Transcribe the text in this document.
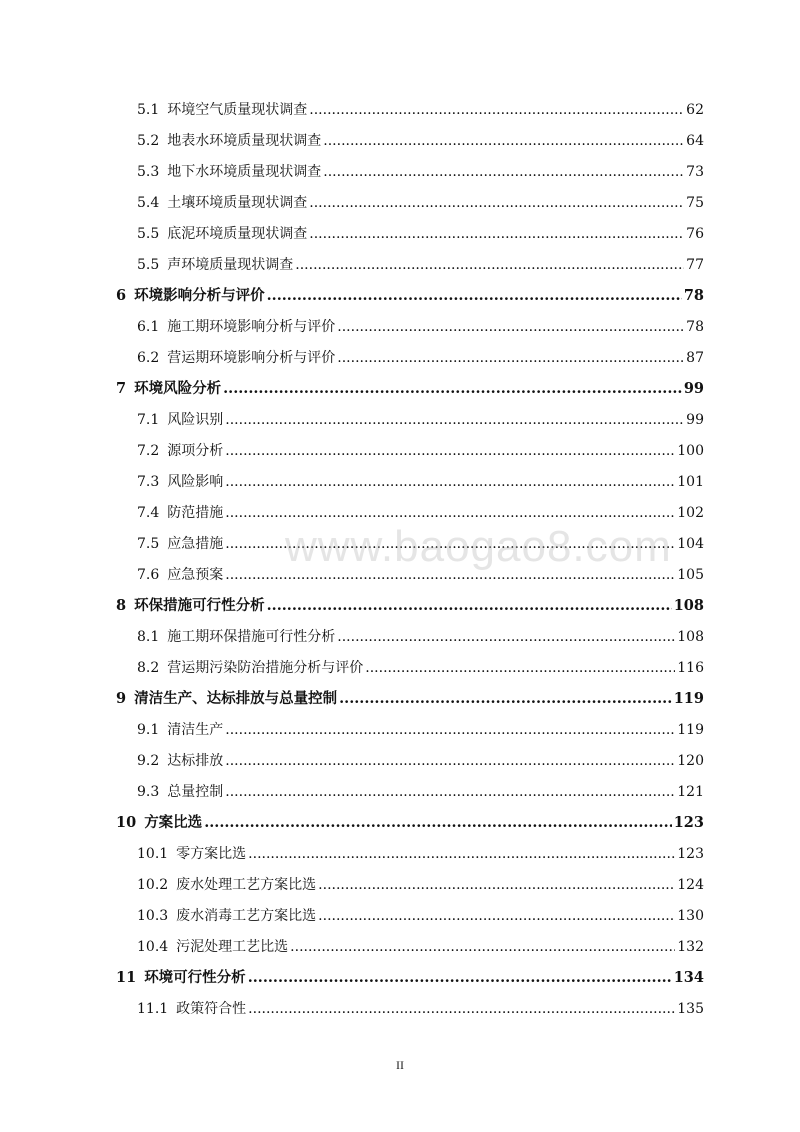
5.1 环境空气质量现状调查 .....	62
5.2 地表水环境质量现状调查 .....	64
5.3 地下水环境质量现状调查 .....	73
5.4 土壤环境质量现状调查 .....	75
5.5 底泥环境质量现状调查 .....	76
5.5 声环境质量现状调查 .....	77
6 环境影响分析与评价 .....	78
6.1 施工期环境影响分析与评价 .....	78
6.2 营运期环境影响分析与评价 .....	87
7 环境风险分析 .....	99
7.1 风险识别 .....	99
7.2 源项分析 .....	100
7.3 风险影响 .....	101
7.4 防范措施 .....	102
7.5 应急措施 .....	104
7.6 应急预案 .....	105
8 环保措施可行性分析 .....	108
8.1 施工期环保措施可行性分析 .....	108
8.2 营运期污染防治措施分析与评价 .....	116
9 清洁生产、达标排放与总量控制 .....	119
9.1 清洁生产 .....	119
9.2 达标排放 .....	120
9.3 总量控制 .....	121
10 方案比选 .....	123
10.1 零方案比选 .....	123
10.2 废水处理工艺方案比选 .....	124
10.3 废水消毒工艺方案比选 .....	130
10.4 污泥处理工艺比选 .....	132
11 环境可行性分析 .....	134
11.1 政策符合性 .....	135
www.baogao8.com
II
